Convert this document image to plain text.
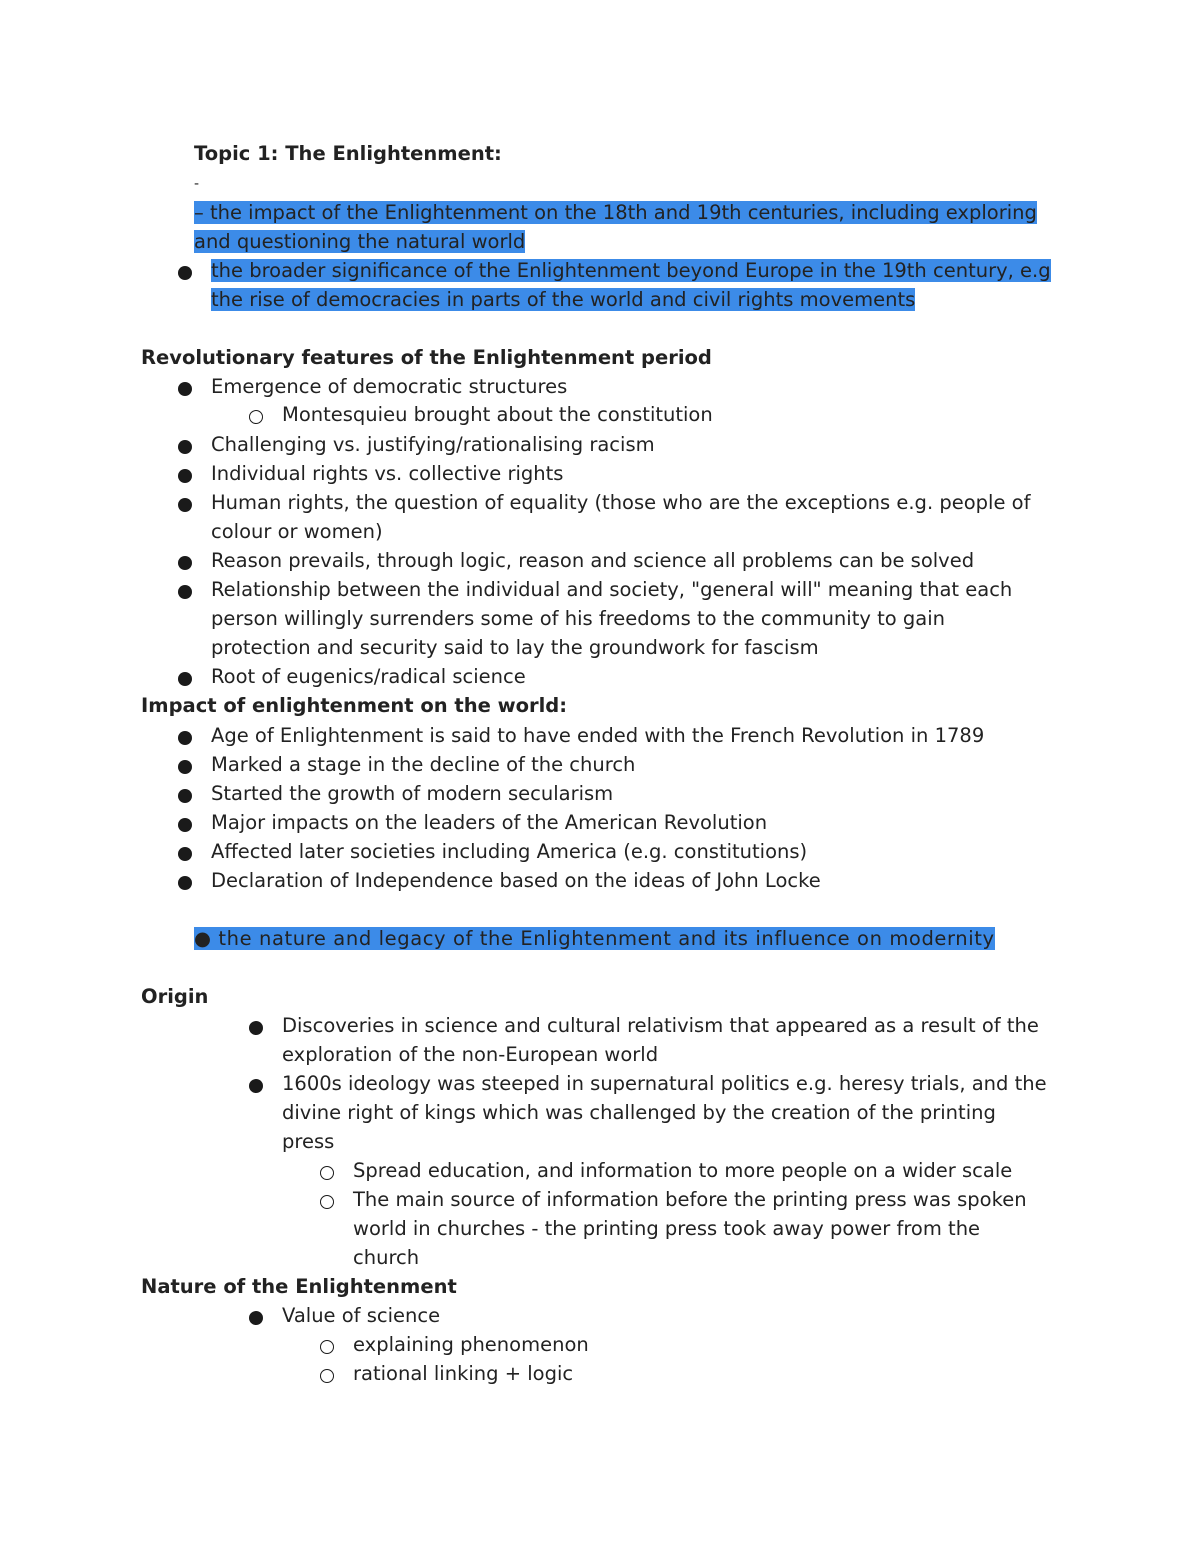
Topic 1: The Enlightenment:
-
– the impact of the Enlightenment on the 18th and 19th centuries, including exploring
and questioning the natural world
the broader significance of the Enlightenment beyond Europe in the 19th century, e.g
the rise of democracies in parts of the world and civil rights movements
Revolutionary features of the Enlightenment period
Emergence of democratic structures
Montesquieu brought about the constitution
Challenging vs. justifying/rationalising racism
Individual rights vs. collective rights
Human rights, the question of equality (those who are the exceptions e.g. people of
colour or women)
Reason prevails, through logic, reason and science all problems can be solved
Relationship between the individual and society, "general will" meaning that each
person willingly surrenders some of his freedoms to the community to gain
protection and security said to lay the groundwork for fascism
Root of eugenics/radical science
Impact of enlightenment on the world:
Age of Enlightenment is said to have ended with the French Revolution in 1789
Marked a stage in the decline of the church
Started the growth of modern secularism
Major impacts on the leaders of the American Revolution
Affected later societies including America (e.g. constitutions)
Declaration of Independence based on the ideas of John Locke
● the nature and legacy of the Enlightenment and its influence on modernity
Origin
Discoveries in science and cultural relativism that appeared as a result of the
exploration of the non-European world
1600s ideology was steeped in supernatural politics e.g. heresy trials, and the
divine right of kings which was challenged by the creation of the printing
press
Spread education, and information to more people on a wider scale
The main source of information before the printing press was spoken
world in churches - the printing press took away power from the
church
Nature of the Enlightenment
Value of science
explaining phenomenon
rational linking + logic
